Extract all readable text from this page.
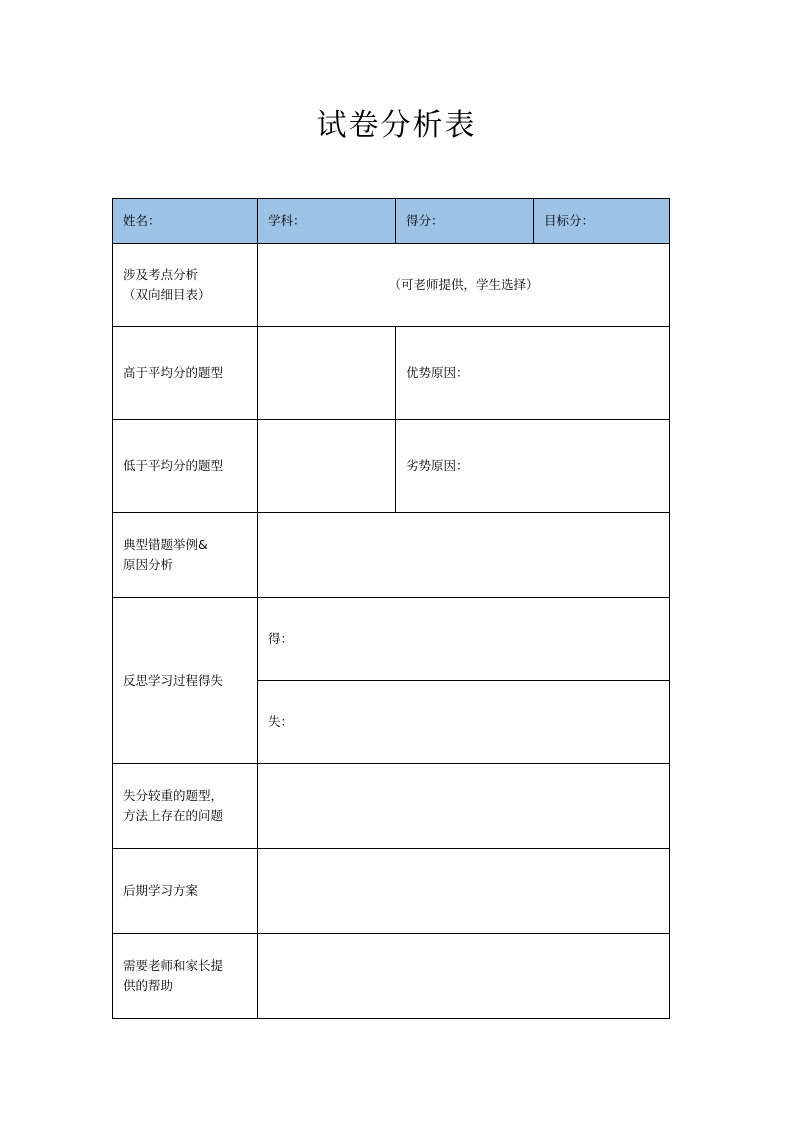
试卷分析表
姓名：	学科：	得分：	目标分：

涉及考点分析
（双向细目表）	（可老师提供，学生选择）		
高于平均分的题型		优势原因：	
低于平均分的题型		劣势原因：	

典型错题举例&
原因分析			

反思学习过程得失	得：		
	失：		

失分较重的题型，
方法上存在的问题			

后期学习方案			

需要老师和家长提
供的帮助			
